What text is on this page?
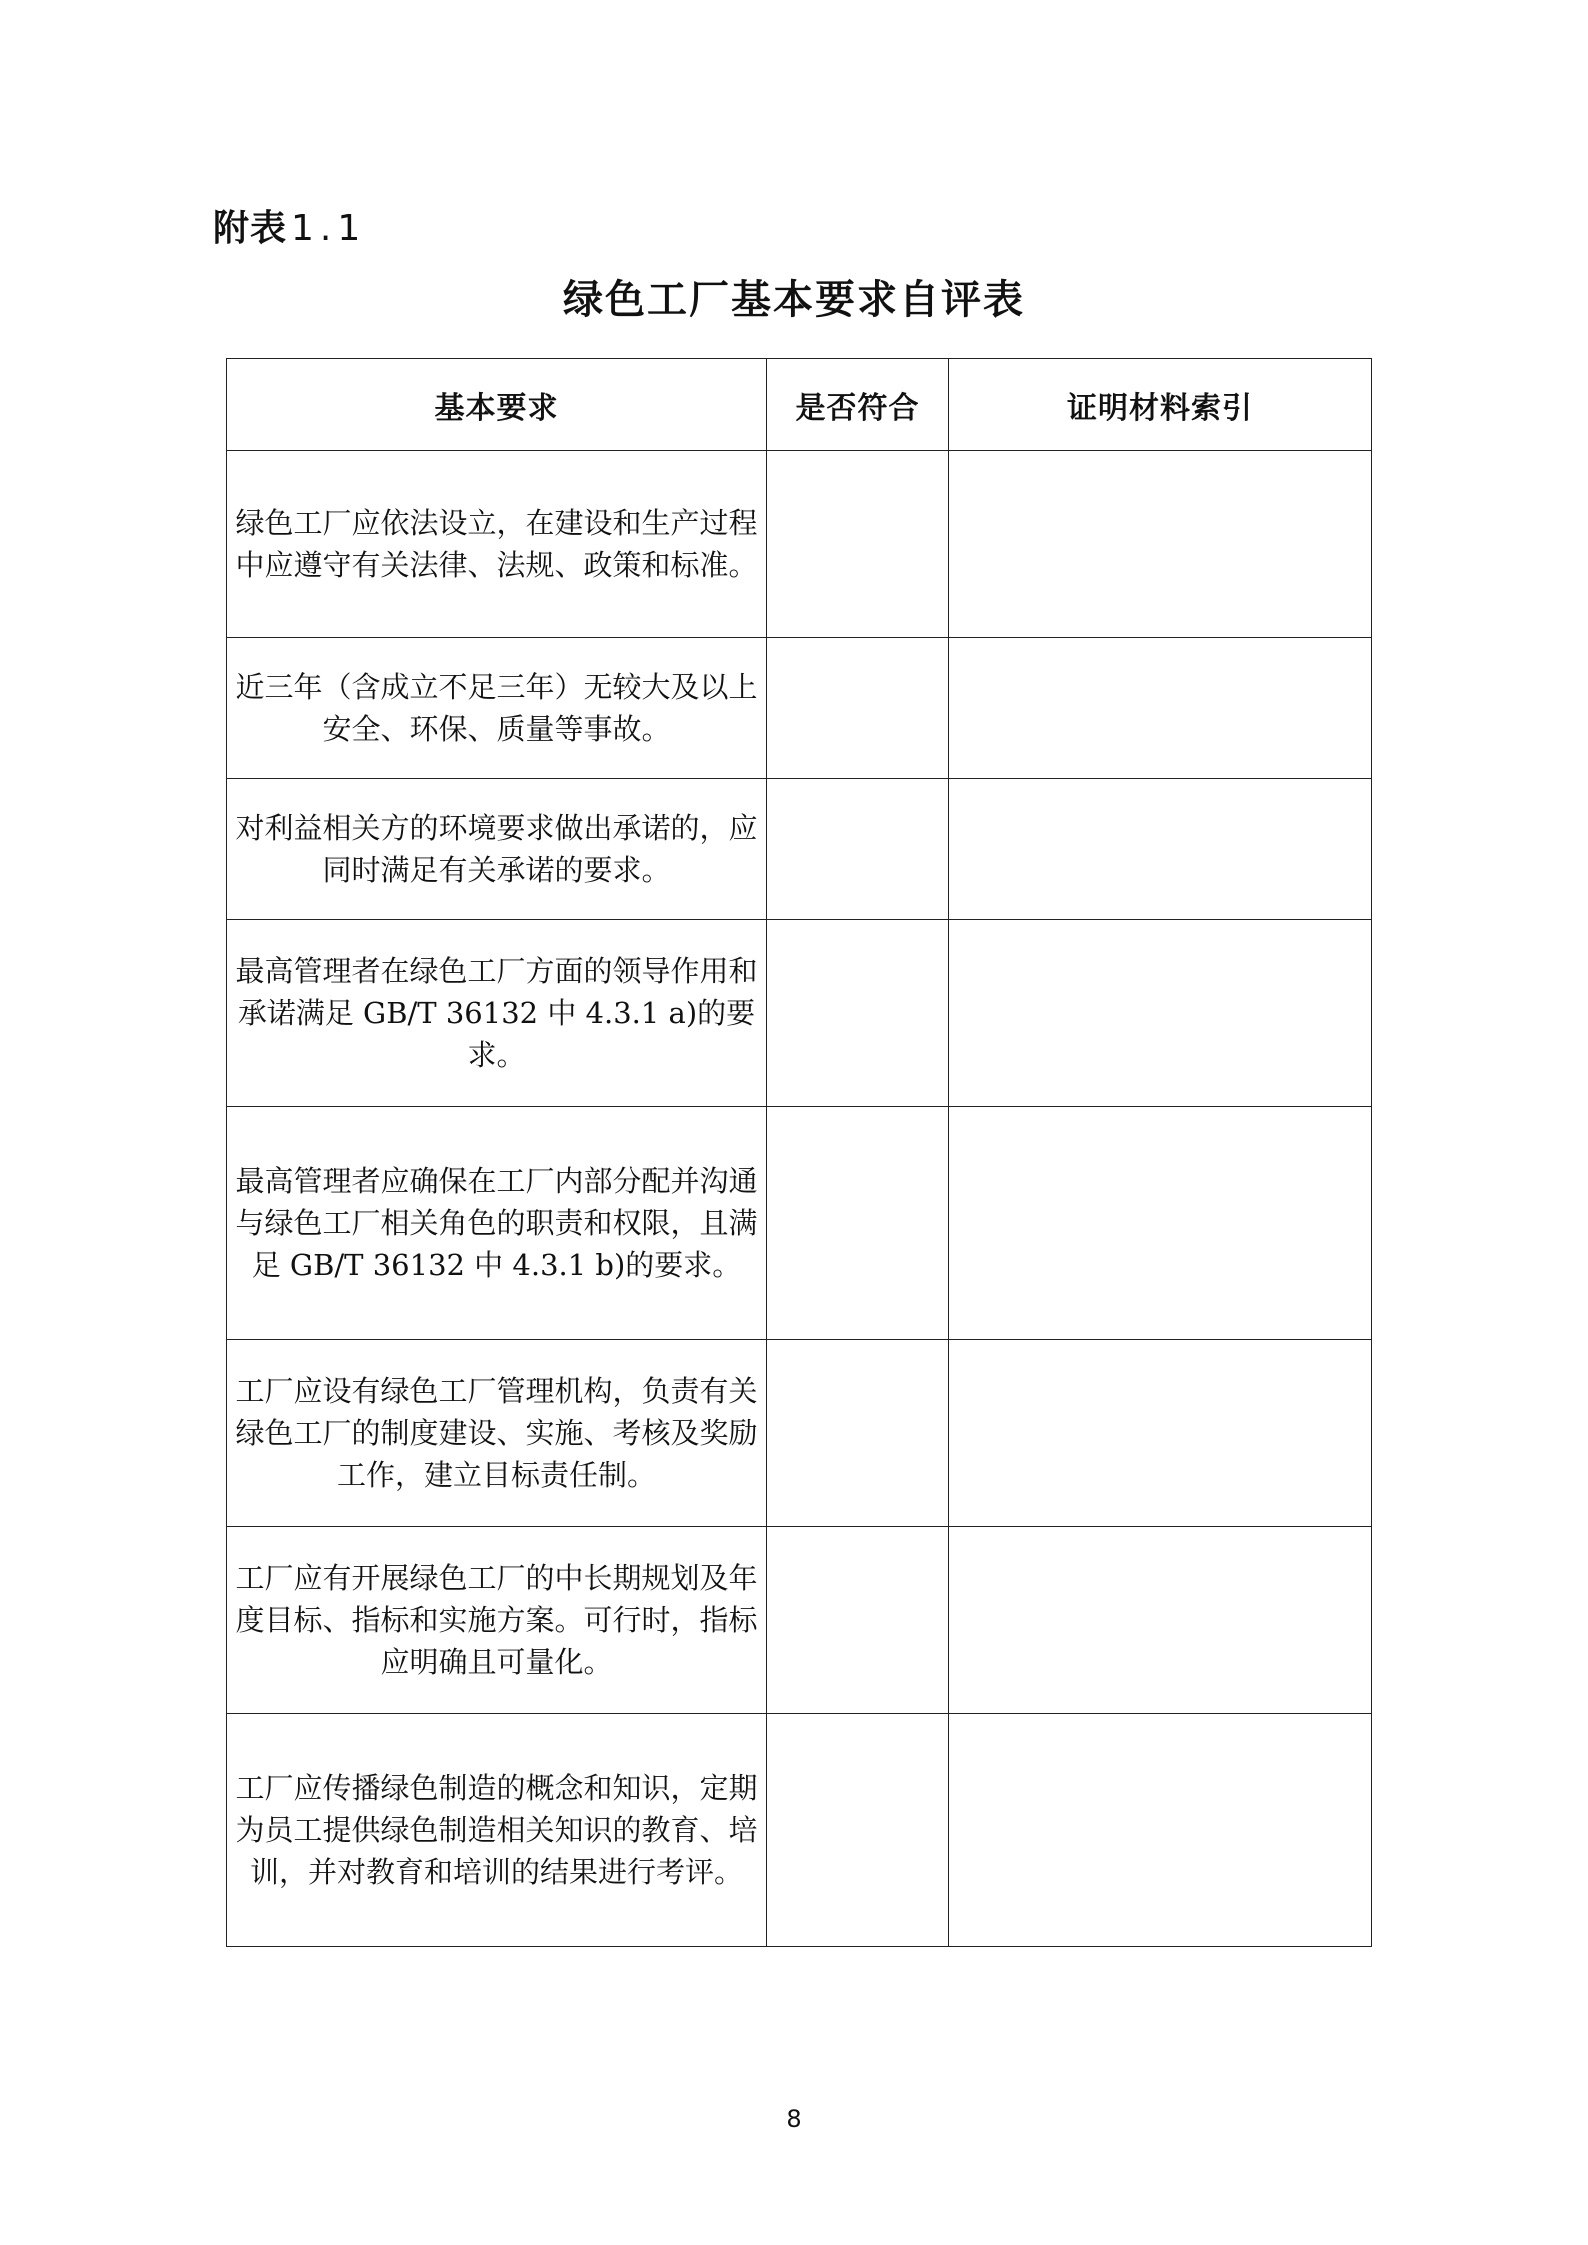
附表 1.1
绿色工厂基本要求自评表
基本要求	是否符合	证明材料索引
绿色工厂应依法设立，在建设和生产过程中应遵守有关法律、法规、政策和标准。		
近三年（含成立不足三年）无较大及以上安全、环保、质量等事故。		
对利益相关方的环境要求做出承诺的，应同时满足有关承诺的要求。		
最高管理者在绿色工厂方面的领导作用和承诺满足 GB/T 36132 中 4.3.1 a)的要求。		
最高管理者应确保在工厂内部分配并沟通与绿色工厂相关角色的职责和权限，且满足 GB/T 36132 中 4.3.1 b)的要求。		
工厂应设有绿色工厂管理机构，负责有关绿色工厂的制度建设、实施、考核及奖励工作，建立目标责任制。		
工厂应有开展绿色工厂的中长期规划及年度目标、指标和实施方案。可行时，指标应明确且可量化。		
工厂应传播绿色制造的概念和知识，定期为员工提供绿色制造相关知识的教育、培训，并对教育和培训的结果进行考评。		
8
